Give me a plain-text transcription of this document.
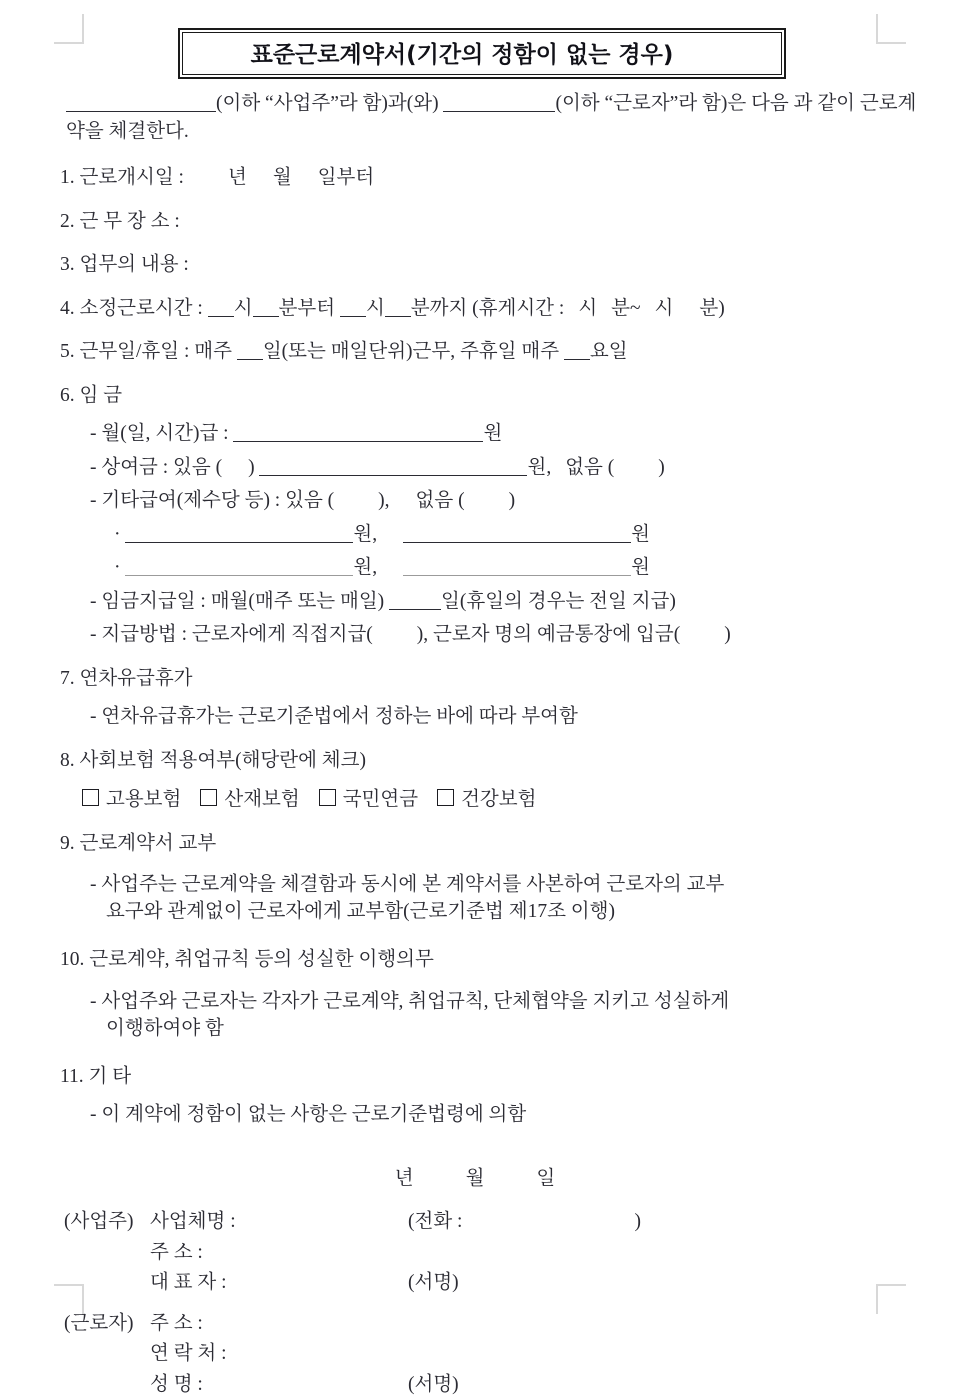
표준근로계약서(기간의 정함이 없는 경우)

(이하 “사업주”라 함)과(와)	(이하 “근로자”라 함)은 다음 과 같이 근로계약을 체결한다.

1. 근로개시일 : 년 월 일부터
2. 근 무 장 소 :
3. 업무의 내용 :
4. 소정근로시간 : 시 분부터 시 분까지 (휴게시간 : 시 분~ 시 분)
5. 근무일/휴일 : 매주 일(또는 매일단위)근무, 주휴일 매주 요일
6. 임 금
- 월(일, 시간)급 :	원
- 상여금 : 있음 ( )	원, 없음 ( )
- 기타급여(제수당 등) : 있음 ( ), 없음 ( )
·	원,	원
·	원,	원
- 임금지급일 : 매월(매주 또는 매일)	일(휴일의 경우는 전일 지급)
- 지급방법 : 근로자에게 직접지급( ), 근로자 명의 예금통장에 입금( )
7. 연차유급휴가
- 연차유급휴가는 근로기준법에서 정하는 바에 따라 부여함
8. 사회보험 적용여부(해당란에 체크)
고용보험 산재보험 국민연금 건강보험
9. 근로계약서 교부
- 사업주는 근로계약을 체결함과 동시에 본 계약서를 사본하여 근로자의 교부
요구와 관계없이 근로자에게 교부함(근로기준법 제17조 이행)
10. 근로계약, 취업규칙 등의 성실한 이행의무
- 사업주와 근로자는 각자가 근로계약, 취업규칙, 단체협약을 지키고 성실하게
이행하여야 함
11. 기 타
- 이 계약에 정함이 없는 사항은 근로기준법령에 의함
년	월	일
(사업주) 사업체명 :	(전화 :	)
주 소 :
대 표 자 :	(서명)
(근로자) 주 소 :
연 락 처 :
성 명 :	(서명)
